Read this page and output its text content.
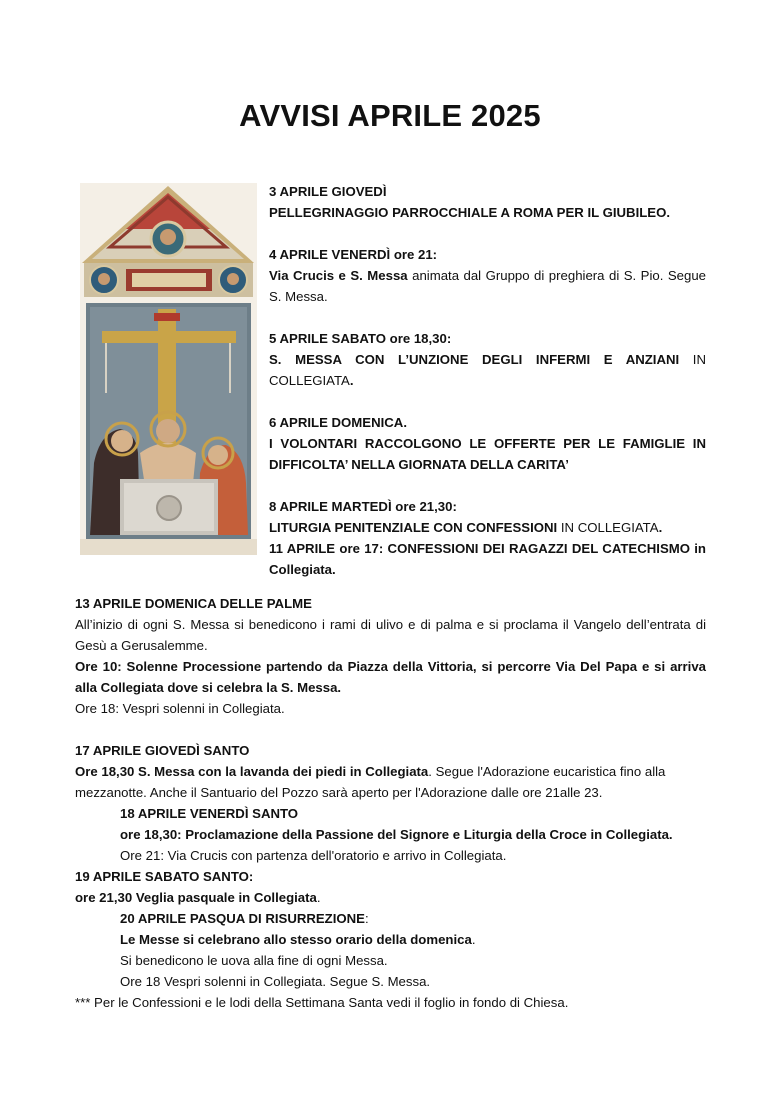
AVVISI APRILE 2025

3 APRILE GIOVEDÌ

PELLEGRINAGGIO PARROCCHIALE A ROMA PER IL GIUBILEO.

4 APRILE VENERDÌ ore 21:

Via Crucis e S. Messa animata dal Gruppo di preghiera di S. Pio. Segue S. Messa.

5 APRILE SABATO ore 18,30:

S. MESSA CON L’UNZIONE DEGLI INFERMI E ANZIANI IN COLLEGIATA.

6 APRILE DOMENICA.

I VOLONTARI RACCOLGONO LE OFFERTE PER LE FAMIGLIE IN DIFFICOLTA’ NELLA GIORNATA DELLA CARITA’

8 APRILE MARTEDÌ ore 21,30:

LITURGIA PENITENZIALE CON CONFESSIONI IN COLLEGIATA.

11 APRILE ore 17: CONFESSIONI DEI RAGAZZI DEL CATECHISMO in Collegiata.

13 APRILE DOMENICA DELLE PALME

All’inizio di ogni S. Messa si benedicono i rami di ulivo e di palma e si proclama il Vangelo dell’entrata di Gesù a Gerusalemme.

Ore 10: Solenne Processione partendo da Piazza della Vittoria, si percorre Via Del Papa e si arriva alla Collegiata dove si celebra la S. Messa.

Ore 18: Vespri solenni in Collegiata.

17 APRILE GIOVEDÌ SANTO

Ore 18,30 S. Messa con la lavanda dei piedi in Collegiata. Segue l'Adorazione eucaristica fino alla mezzanotte. Anche il Santuario del Pozzo sarà aperto per l'Adorazione dalle ore 21alle 23.

18 APRILE VENERDÌ SANTO

ore 18,30: Proclamazione della Passione del Signore e Liturgia della Croce in Collegiata.

Ore 21: Via Crucis con partenza dell'oratorio e arrivo in Collegiata.

19 APRILE SABATO SANTO:

ore 21,30 Veglia pasquale in Collegiata.

20 APRILE PASQUA DI RISURREZIONE:

Le Messe si celebrano allo stesso orario della domenica.

Si benedicono le uova alla fine di ogni Messa.

Ore 18 Vespri solenni in Collegiata. Segue S. Messa.

*** Per le Confessioni e le lodi della Settimana Santa vedi il foglio in fondo di Chiesa.
